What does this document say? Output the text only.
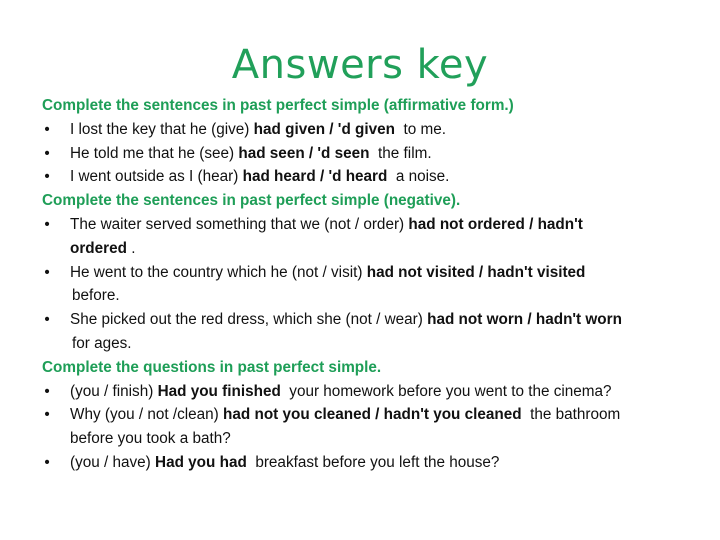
Answers key
Complete the sentences in past perfect simple (affirmative form.)
• I lost the key that he (give) had given / 'd given  to me.
• He told me that he (see) had seen / 'd seen  the film.
• I went outside as I (hear) had heard / 'd heard  a noise.
Complete the sentences in past perfect simple (negative).
• The waiter served something that we (not / order) had not ordered / hadn't
ordered .
• He went to the country which he (not / visit) had not visited / hadn't visited
before.
• She picked out the red dress, which she (not / wear) had not worn / hadn't worn
for ages.
Complete the questions in past perfect simple.
• (you / finish) Had you finished  your homework before you went to the cinema?
• Why (you / not /clean) had not you cleaned / hadn't you cleaned  the bathroom
before you took a bath?
• (you / have) Had you had  breakfast before you left the house?
